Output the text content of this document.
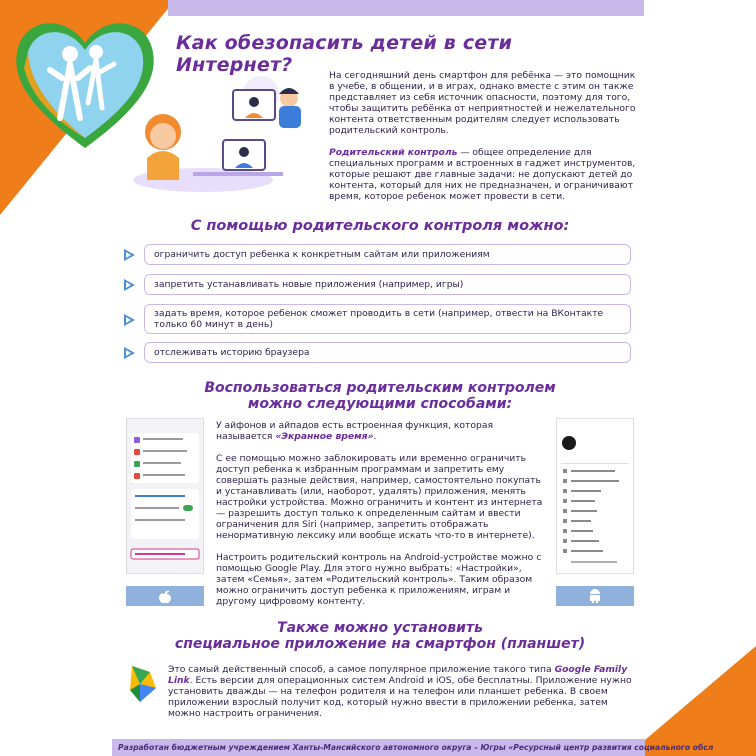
Как обезопасить детей в сети Интернет?	На сегодняшний день смартфон для ребёнка — это помощник в учебе, в общении, и в играх, однако вместе с этим он также представляет из себя источник опасности, поэтому для того, чтобы защитить ребёнка от неприятностей и нежелательного контента ответственным родителям следует использовать родительский контроль.

Родительский контроль — общее определение для специальных программ и встроенных в гаджет инструментов, которые решают две главные задачи: не допускают детей до контента, который для них не предназначен, и ограничивают время, которое ребенок может провести в сети.

С помощью родительского контроля можно:
ограничить доступ ребенка к конкретным сайтам или приложениям
запретить устанавливать новые приложения (например, игры)
задать время, которое ребенок сможет проводить в сети (например, отвести на ВКонтакте только 60 минут в день)
отслеживать историю браузера
Воспользоваться родительским контролем
можно следующими способами:

У айфонов и айпадов есть встроенная функция, которая называется «Экранное время».

С ее помощью можно заблокировать или временно ограничить доступ ребенка к избранным программам и запретить ему совершать разные действия, например, самостоятельно покупать и устанавливать (или, наоборот, удалять) приложения, менять настройки устройства. Можно ограничить и контент из интернета — разрешить доступ только к определенным сайтам и ввести ограничения для Siri (например, запретить отображать ненормативную лексику или вообще искать что-то в интернете).

Настроить родительский контроль на Android-устройстве можно с помощью Google Play. Для этого нужно выбрать: «Настройки», затем «Семья», затем «Родительский контроль». Таким образом можно ограничить доступ ребенка к приложениям, играм и другому цифровому контенту.

Также можно установить
специальное приложение на смартфон (планшет)
Это самый действенный способ, а самое популярное приложение такого типа Google Family Link. Есть версии для операционных систем Android и iOS, обе бесплатны. Приложение нужно установить дважды — на телефон родителя и на телефон или планшет ребенка. В своем приложении взрослый получит код, который нужно ввести в приложении ребенка, затем можно настроить ограничения.
Разработан бюджетным учреждением Ханты-Мансийского автономного округа – Югры «Ресурсный центр развития социального обсл
